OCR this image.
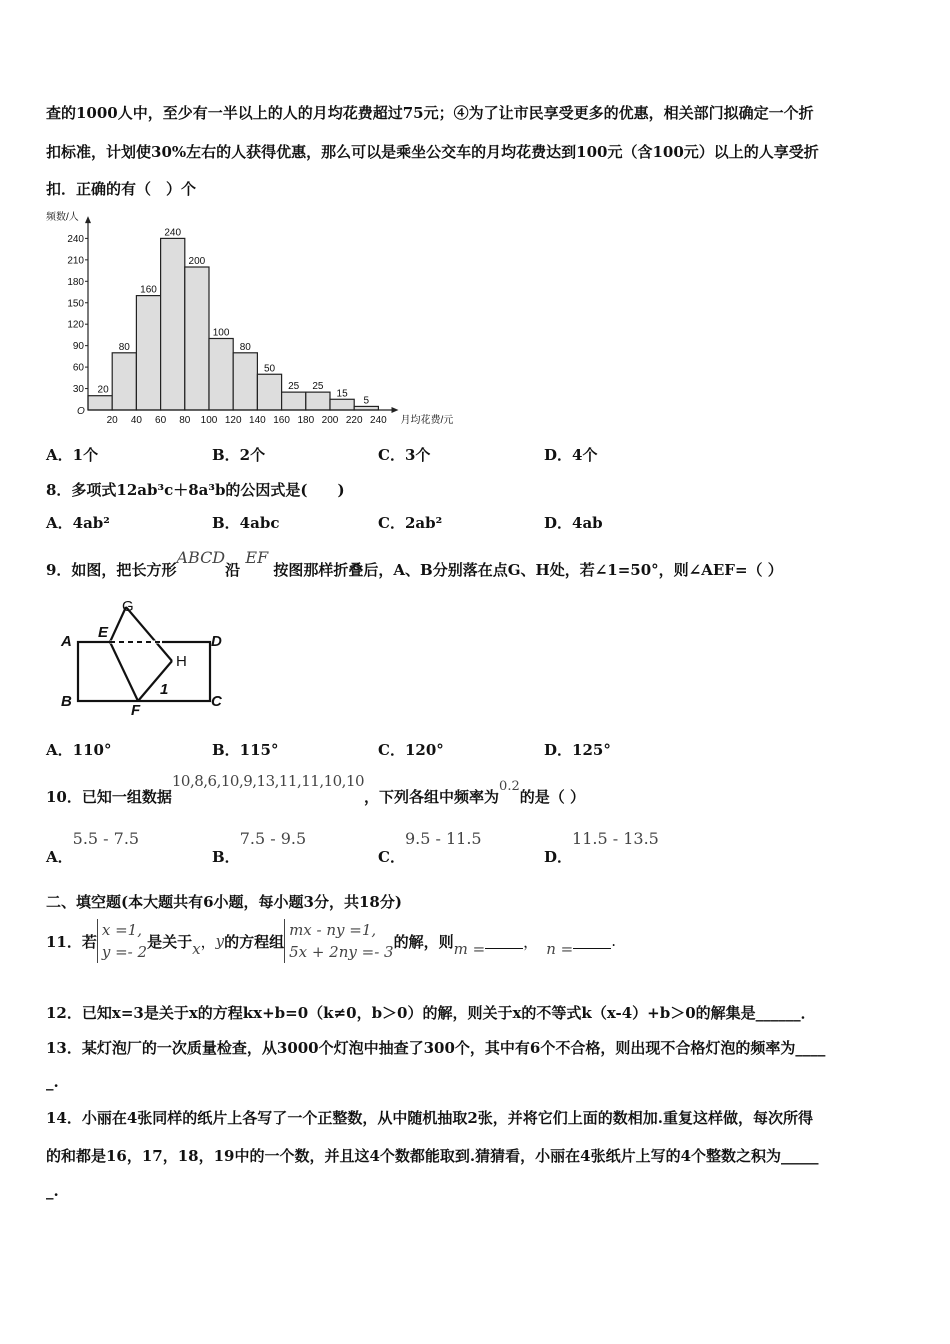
查的1000人中，至少有一半以上的人的月均花费超过75元；④为了让市民享受更多的优惠，相关部门拟确定一个折
扣标准，计划使30%左右的人获得优惠，那么可以是乘坐公交车的月均花费达到100元（含100元）以上的人享受折
扣．正确的有（　）个
20
80
160
240
200
100
80
50
25 25
15
5
30
60
90
120
150
180
210
240
20 40 60 80 100 120 140 160 180 200 220 240
O
频数/人
月均花费/元
A．1个	B．2个	C．3个	D．4个
8．多项式12ab³c＋8a³b的公因式是(　　)
A．4ab²	B．4abc	C．2ab²	D．4ab
9．如图，把长方形ABCD沿 EF 按图那样折叠后，A、B分别落在点G、H处，若∠1=50°，则∠AEF=（ ）
A
E
D
B
F
C
1
G
H
A．110°	B．115°	C．120°	D．125°
10．已知一组数据10,8,6,10,9,13,11,11,10,10，下列各组中频率为0.2的是（ ）
A．5.5 - 7.5
B．7.5 - 9.5
C．9.5 - 11.5
D．11.5 - 13.5
二、填空题(本大题共有6小题，每小题3分，共18分)
11．若
x =1,
y =- 2
是关于 x ， y 的方程组
mx - ny =1,
5x + 2ny =- 3
的解，则 m =	， n =	.
12．已知x=3是关于x的方程kx+b=0（k≠0，b＞0）的解，则关于x的不等式k（x-4）+b＞0的解集是______．
13．某灯泡厂的一次质量检查，从3000个灯泡中抽查了300个，其中有6个不合格，则出现不合格灯泡的频率为____
_.
14．小丽在4张同样的纸片上各写了一个正整数，从中随机抽取2张，并将它们上面的数相加.重复这样做，每次所得
的和都是16，17，18，19中的一个数，并且这4个数都能取到.猜猜看，小丽在4张纸片上写的4个整数之积为_____
_.
